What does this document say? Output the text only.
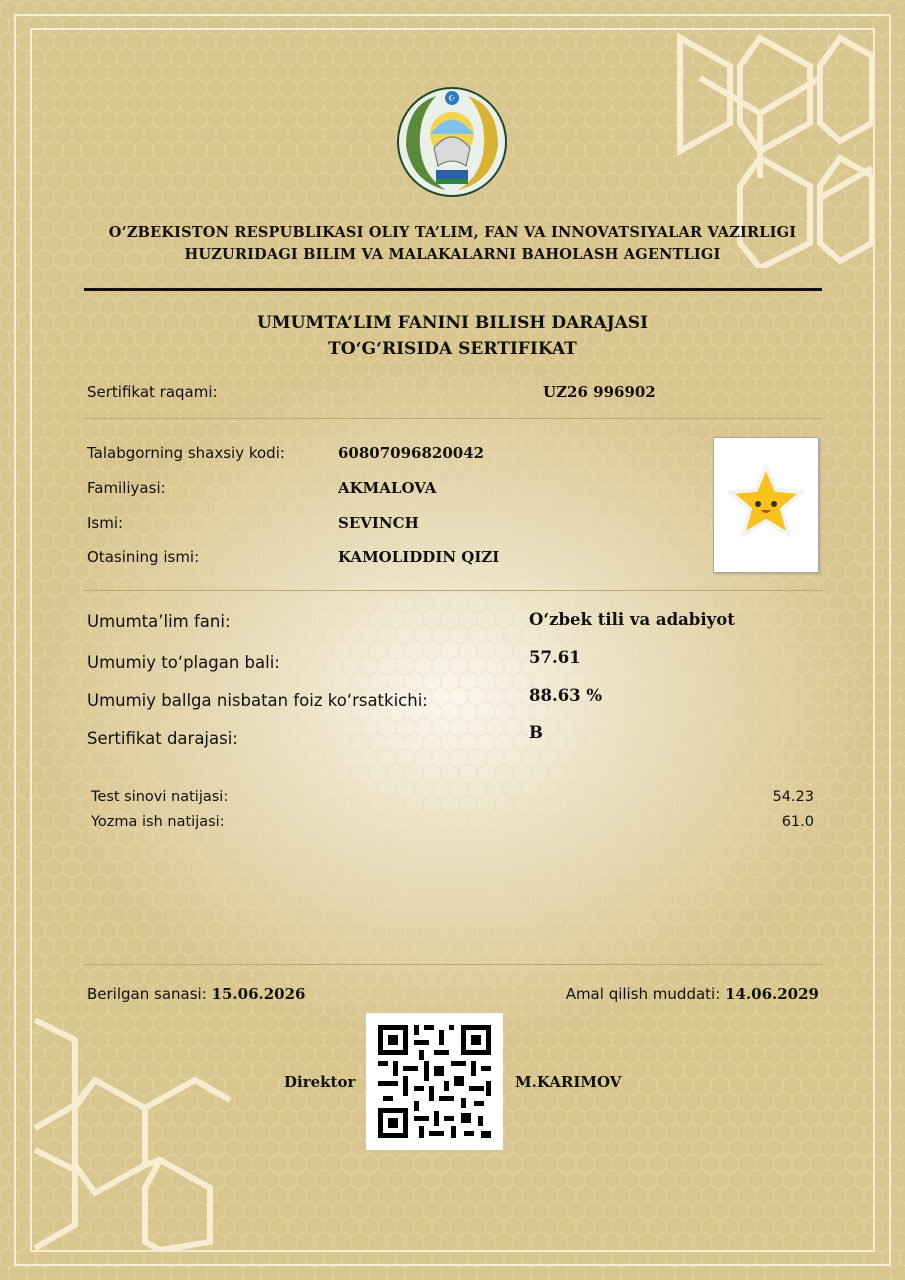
☪
O‘ZBEKISTON RESPUBLIKASI OLIY TA’LIM, FAN VA INNOVATSIYALAR VAZIRLIGI
HUZURIDAGI BILIM VA MALAKALARNI BAHOLASH AGENTLIGI
UMUMTA’LIM FANINI BILISH DARAJASI
TO‘G‘RISIDA SERTIFIKAT
Sertifikat raqami:	UZ26 996902
Talabgorning shaxsiy kodi:	60807096820042
Familiyasi:	AKMALOVA
Ismi:	SEVINCH
Otasining ismi:	KAMOLIDDIN QIZI
Umumta’lim fani:	O‘zbek tili va adabiyot
Umumiy to‘plagan bali:	57.61
Umumiy ballga nisbatan foiz ko‘rsatkichi:	88.63 %
Sertifikat darajasi:	B
Test sinovi natijasi:	54.23
Yozma ish natijasi:	61.0
Berilgan sanasi: 15.06.2026	Amal qilish muddati: 14.06.2029
Direktor	M.KARIMOV
